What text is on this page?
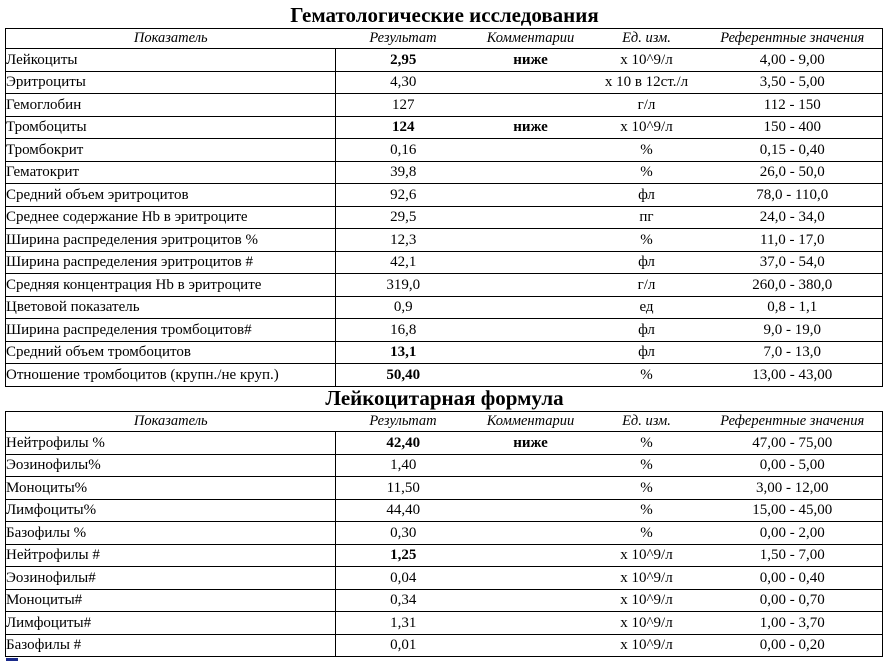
Гематологические исследования
Показатель	Результат	Комментарии	Ед. изм.	Референтные значения
Лейкоциты	2,95	ниже	x 10^9/л	4,00 - 9,00
Эритроциты	4,30		x 10 в 12ст./л	3,50 - 5,00
Гемоглобин	127		г/л	112 - 150
Тромбоциты	124	ниже	x 10^9/л	150 - 400
Тромбокрит	0,16		%	0,15 - 0,40
Гематокрит	39,8		%	26,0 - 50,0
Средний объем эритроцитов	92,6		фл	78,0 - 110,0
Среднее содержание Hb в эритроците	29,5		пг	24,0 - 34,0
Ширина распределения эритроцитов %	12,3		%	11,0 - 17,0
Ширина распределения эритроцитов #	42,1		фл	37,0 - 54,0
Средняя концентрация Hb в эритроците	319,0		г/л	260,0 - 380,0
Цветовой показатель	0,9		ед	0,8 - 1,1
Ширина распределения тромбоцитов#	16,8		фл	9,0 - 19,0
Средний объем тромбоцитов	13,1		фл	7,0 - 13,0
Отношение тромбоцитов (крупн./не круп.)	50,40		%	13,00 - 43,00
Лейкоцитарная формула
Показатель	Результат	Комментарии	Ед. изм.	Референтные значения
Нейтрофилы %	42,40	ниже	%	47,00 - 75,00
Эозинофилы%	1,40		%	0,00 - 5,00
Моноциты%	11,50		%	3,00 - 12,00
Лимфоциты%	44,40		%	15,00 - 45,00
Базофилы %	0,30		%	0,00 - 2,00
Нейтрофилы #	1,25		x 10^9/л	1,50 - 7,00
Эозинофилы#	0,04		x 10^9/л	0,00 - 0,40
Моноциты#	0,34		x 10^9/л	0,00 - 0,70
Лимфоциты#	1,31		x 10^9/л	1,00 - 3,70
Базофилы #	0,01		x 10^9/л	0,00 - 0,20
